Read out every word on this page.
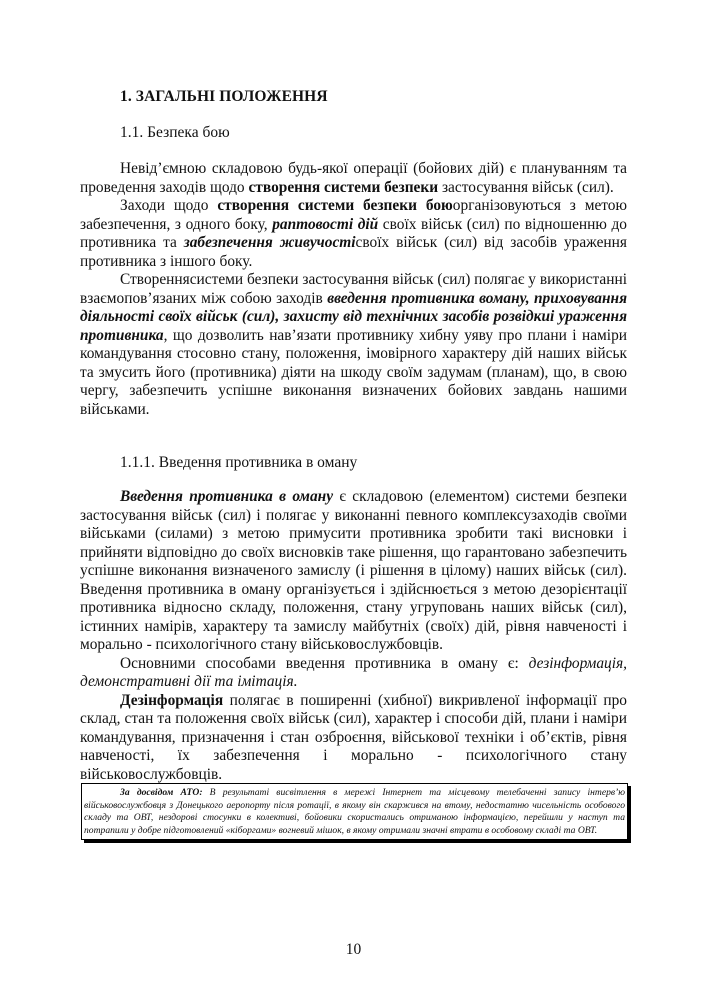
1. ЗАГАЛЬНІ ПОЛОЖЕННЯ
1.1. Безпека бою

Невід’ємною складовою будь-якої операції (бойових дій) є плануванням та проведення заходів щодо створення системи безпеки застосування військ (сил).

Заходи щодо створення системи безпеки боюорганізовуються з метою забезпечення, з одного боку, раптовості дій своїх військ (сил) по відношенню до противника та забезпечення живучостісвоїх військ (сил) від засобів ураження противника з іншого боку.

Створеннясистеми безпеки застосування військ (сил) полягає у використанні взаємопов’язаних між собою заходів введення противника воману, приховування діяльності своїх військ (сил), захисту від технічних засобів розвідкиі ураження противника, що дозволить нав’язати противнику хибну уяву про плани і наміри командування стосовно стану, положення, імовірного характеру дій наших військ та змусить його (противника) діяти на шкоду своїм задумам (планам), що, в свою чергу, забезпечить успішне виконання визначених бойових завдань нашими військами.

1.1.1. Введення противника в оману

Введення противника в оману є складовою (елементом) системи безпеки застосування військ (сил) і полягає у виконанні певного комплексузаходів своїми військами (силами) з метою примусити противника зробити такі висновки і прийняти відповідно до своїх висновків таке рішення, що гарантовано забезпечить успішне виконання визначеного замислу (і рішення в цілому) наших військ (сил). Введення противника в оману організується і здійснюється з метою дезорієнтації противника відносно складу, положення, стану угруповань наших військ (сил), істинних намірів, характеру та замислу майбутніх (своїх) дій, рівня навченості і морально - психологічного стану військовослужбовців.

Основними способами введення противника в оману є: дезінформація, демонстративні дії та імітація.

Дезінформація полягає в поширенні (хибної) викривленої інформації про склад, стан та положення своїх військ (сил), характер і способи дій, плани і наміри командування, призначення і стан озброєння, військової техніки і об’єктів, рівня навченості, їх забезпечення і морально - психологічного стану військовослужбовців.

За досвідом АТО: В результаті висвітлення в мережі Інтернет та місцевому телебаченні запису інтерв’ю військовослужбовця з Донецького аеропорту після ротації, в якому він скаржився на втому, недостатню чисельність особового складу та ОВТ, нездорові стосунки в колективі, бойовики скористались отриманою інформацією, перейшли у наступ та потрапили у добре підготовлений «кіборгами» вогневий мішок, в якому отримали значні втрати в особовому складі та ОВТ.

10
